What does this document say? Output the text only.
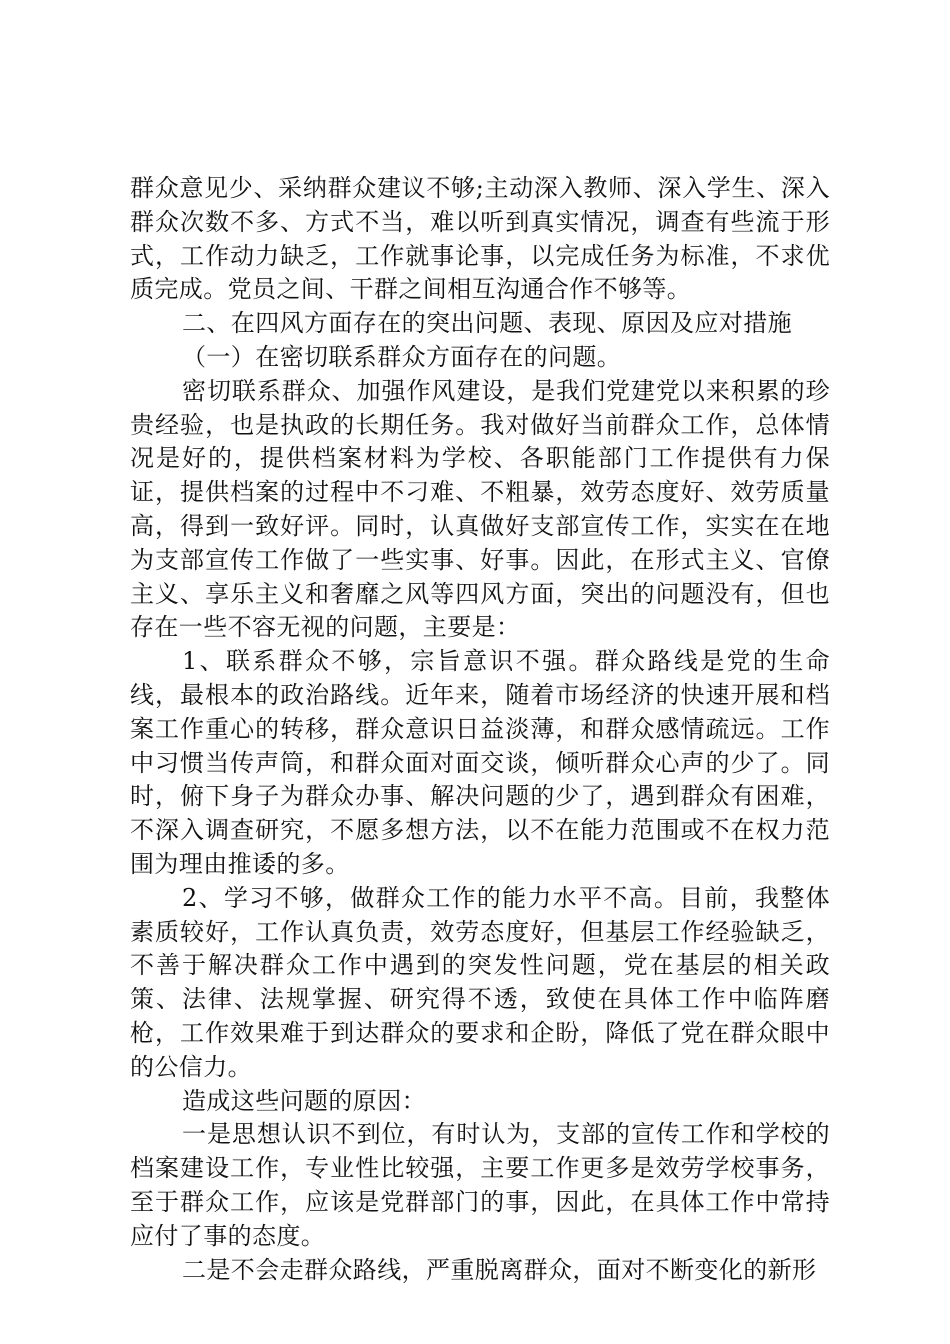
群众意见少、采纳群众建议不够;主动深入教师、深入学生、深入群众次数不多、方式不当，难以听到真实情况，调查有些流于形式，工作动力缺乏，工作就事论事，以完成任务为标准，不求优质完成。党员之间、干群之间相互沟通合作不够等。

二、在四风方面存在的突出问题、表现、原因及应对措施

（一）在密切联系群众方面存在的问题。

密切联系群众、加强作风建设，是我们党建党以来积累的珍贵经验，也是执政的长期任务。我对做好当前群众工作，总体情况是好的，提供档案材料为学校、各职能部门工作提供有力保证，提供档案的过程中不刁难、不粗暴，效劳态度好、效劳质量高，得到一致好评。同时，认真做好支部宣传工作，实实在在地为支部宣传工作做了一些实事、好事。因此，在形式主义、官僚主义、享乐主义和奢靡之风等四风方面，突出的问题没有，但也存在一些不容无视的问题，主要是：

1、联系群众不够，宗旨意识不强。群众路线是党的生命线，最根本的政治路线。近年来，随着市场经济的快速开展和档案工作重心的转移，群众意识日益淡薄，和群众感情疏远。工作中习惯当传声筒，和群众面对面交谈，倾听群众心声的少了。同时，俯下身子为群众办事、解决问题的少了，遇到群众有困难，不深入调查研究，不愿多想方法，以不在能力范围或不在权力范围为理由推诿的多。

2、学习不够，做群众工作的能力水平不高。目前，我整体素质较好，工作认真负责，效劳态度好，但基层工作经验缺乏，不善于解决群众工作中遇到的突发性问题，党在基层的相关政策、法律、法规掌握、研究得不透，致使在具体工作中临阵磨枪，工作效果难于到达群众的要求和企盼，降低了党在群众眼中的公信力。

造成这些问题的原因：

一是思想认识不到位，有时认为，支部的宣传工作和学校的档案建设工作，专业性比较强，主要工作更多是效劳学校事务，至于群众工作，应该是党群部门的事，因此，在具体工作中常持应付了事的态度。

二是不会走群众路线，严重脱离群众，面对不断变化的新形
